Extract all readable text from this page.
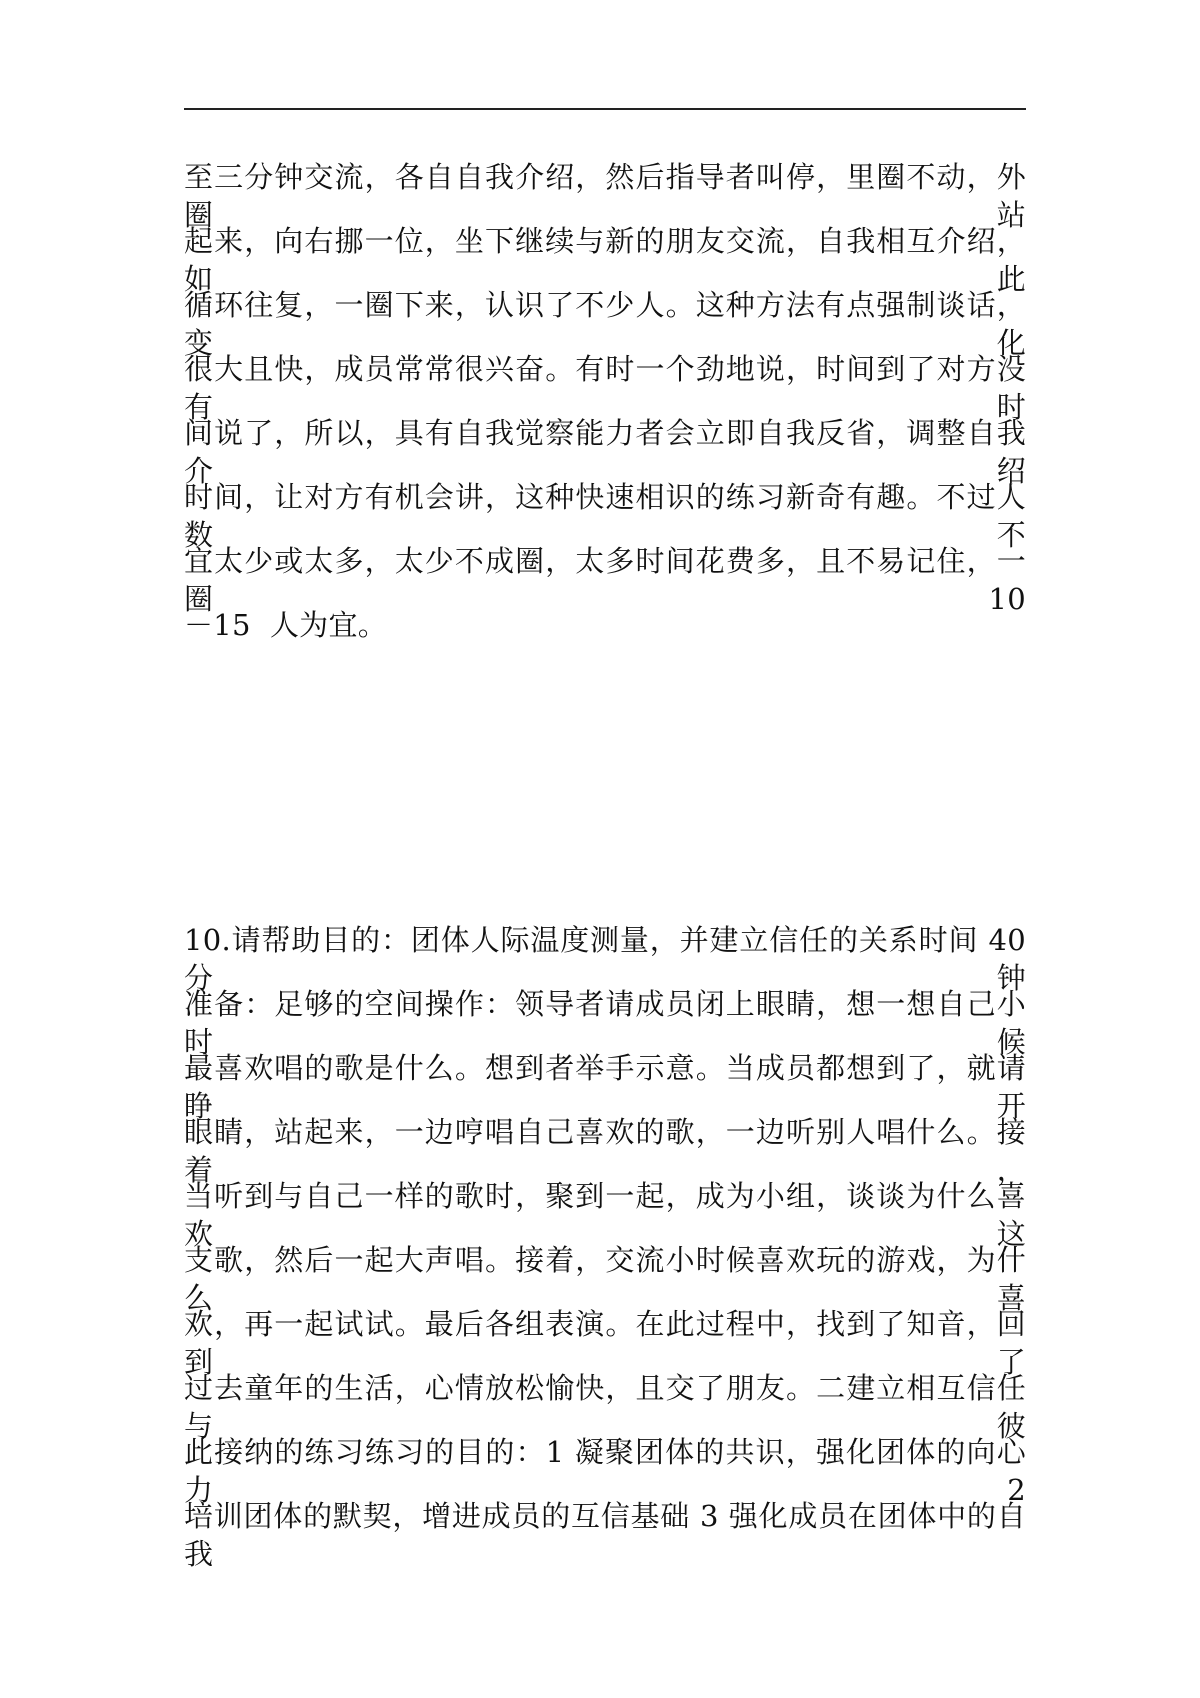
至三分钟交流，各自自我介绍，然后指导者叫停，里圈不动，外圈站

起来，向右挪一位，坐下继续与新的朋友交流，自我相互介绍，如此

循环往复，一圈下来，认识了不少人。这种方法有点强制谈话，变化

很大且快，成员常常很兴奋。有时一个劲地说，时间到了对方没有时

间说了，所以，具有自我觉察能力者会立即自我反省，调整自我介绍

时间，让对方有机会讲，这种快速相识的练习新奇有趣。不过人数不

宜太少或太多，太少不成圈，太多时间花费多，且不易记住，一圈 10

－15  人为宜。

10.请帮助目的：团体人际温度测量，并建立信任的关系时间 40 分钟

准备：足够的空间操作：领导者请成员闭上眼睛，想一想自己小时候

最喜欢唱的歌是什么。想到者举手示意。当成员都想到了，就请睁开

眼睛，站起来，一边哼唱自己喜欢的歌，一边听别人唱什么。接着，

当听到与自己一样的歌时，聚到一起，成为小组，谈谈为什么喜欢这

支歌，然后一起大声唱。接着，交流小时候喜欢玩的游戏，为什么喜

欢，再一起试试。最后各组表演。在此过程中，找到了知音，回到了

过去童年的生活，心情放松愉快，且交了朋友。二建立相互信任与彼

此接纳的练习练习的目的：1 凝聚团体的共识，强化团体的向心力 2

培训团体的默契，增进成员的互信基础 3 强化成员在团体中的自我
